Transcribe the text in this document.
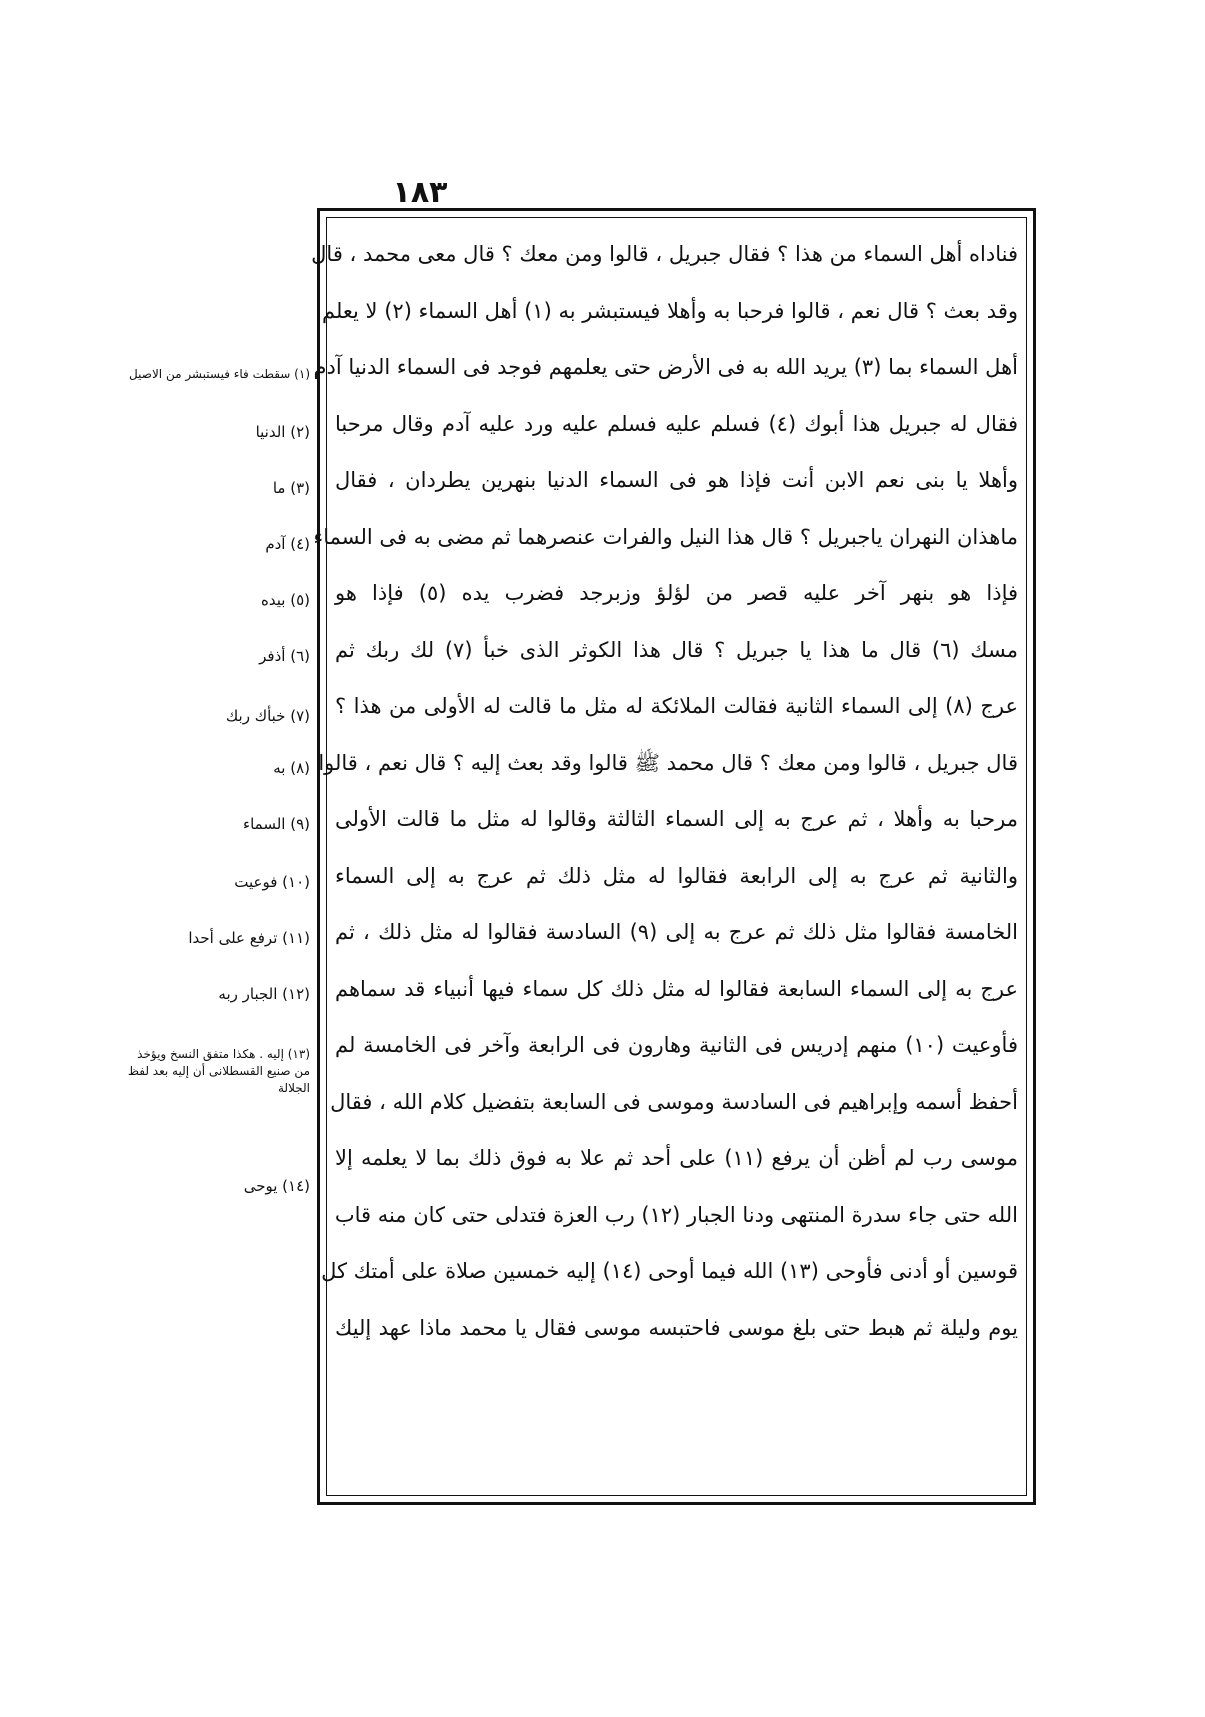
١٨٣
فناداه أهل السماء من هذا ؟ فقال جبريل ، قالوا ومن معك ؟ قال معى محمد ، قال
وقد بعث ؟ قال نعم ، قالوا فرحبا به وأهلا فيستبشر به (١) أهل السماء (٢) لا يعلم
أهل السماء بما (٣) يريد الله به فى الأرض حتى يعلمهم فوجد فى السماء الدنيا آدم
فقال له جبريل هذا أبوك (٤) فسلم عليه فسلم عليه ورد عليه آدم وقال مرحبا
وأهلا يا بنى نعم الابن أنت فإذا هو فى السماء الدنيا بنهرين يطردان ، فقال
ماهذان النهران ياجبريل ؟ قال هذا النيل والفرات عنصرهما ثم مضى به فى السماء
فإذا هو بنهر آخر عليه قصر من لؤلؤ وزبرجد فضرب يده (٥) فإذا هو
مسك (٦) قال ما هذا يا جبريل ؟ قال هذا الكوثر الذى خبأ (٧) لك ربك ثم
عرج (٨) إلى السماء الثانية فقالت الملائكة له مثل ما قالت له الأولى من هذا ؟
قال جبريل ، قالوا ومن معك ؟ قال محمد ﷺ قالوا وقد بعث إليه ؟ قال نعم ، قالوا
مرحبا به وأهلا ، ثم عرج به إلى السماء الثالثة وقالوا له مثل ما قالت الأولى
والثانية ثم عرج به إلى الرابعة فقالوا له مثل ذلك ثم عرج به إلى السماء
الخامسة فقالوا مثل ذلك ثم عرج به إلى (٩) السادسة فقالوا له مثل ذلك ، ثم
عرج به إلى السماء السابعة فقالوا له مثل ذلك كل سماء فيها أنبياء قد سماهم
فأوعيت (١٠) منهم إدريس فى الثانية وهارون فى الرابعة وآخر فى الخامسة لم
أحفظ أسمه وإبراهيم فى السادسة وموسى فى السابعة بتفضيل كلام الله ، فقال
موسى رب لم أظن أن يرفع (١١) على أحد ثم علا به فوق ذلك بما لا يعلمه إلا
الله حتى جاء سدرة المنتهى ودنا الجبار (١٢) رب العزة فتدلى حتى كان منه قاب
قوسين أو أدنى فأوحى (١٣) الله فيما أوحى (١٤) إليه خمسين صلاة على أمتك كل
يوم وليلة ثم هبط حتى بلغ موسى فاحتبسه موسى فقال يا محمد ماذا عهد إليك
(١) سقطت فاء فيستبشر من الاصيل
(٢) الدنيا
(٣) ما
(٤) آدم
(٥) بيده
(٦) أذفر
(٧) خبأك ربك
(٨) به
(٩) السماء
(١٠) فوعيت
(١١) ترفع على أحدا
(١٢) الجبار ربه
(١٣) إليه . هكذا متفق النسخ ويؤخذ من صنيع القسطلانى أن إليه بعد لفظ الجلالة
(١٤) يوحى
